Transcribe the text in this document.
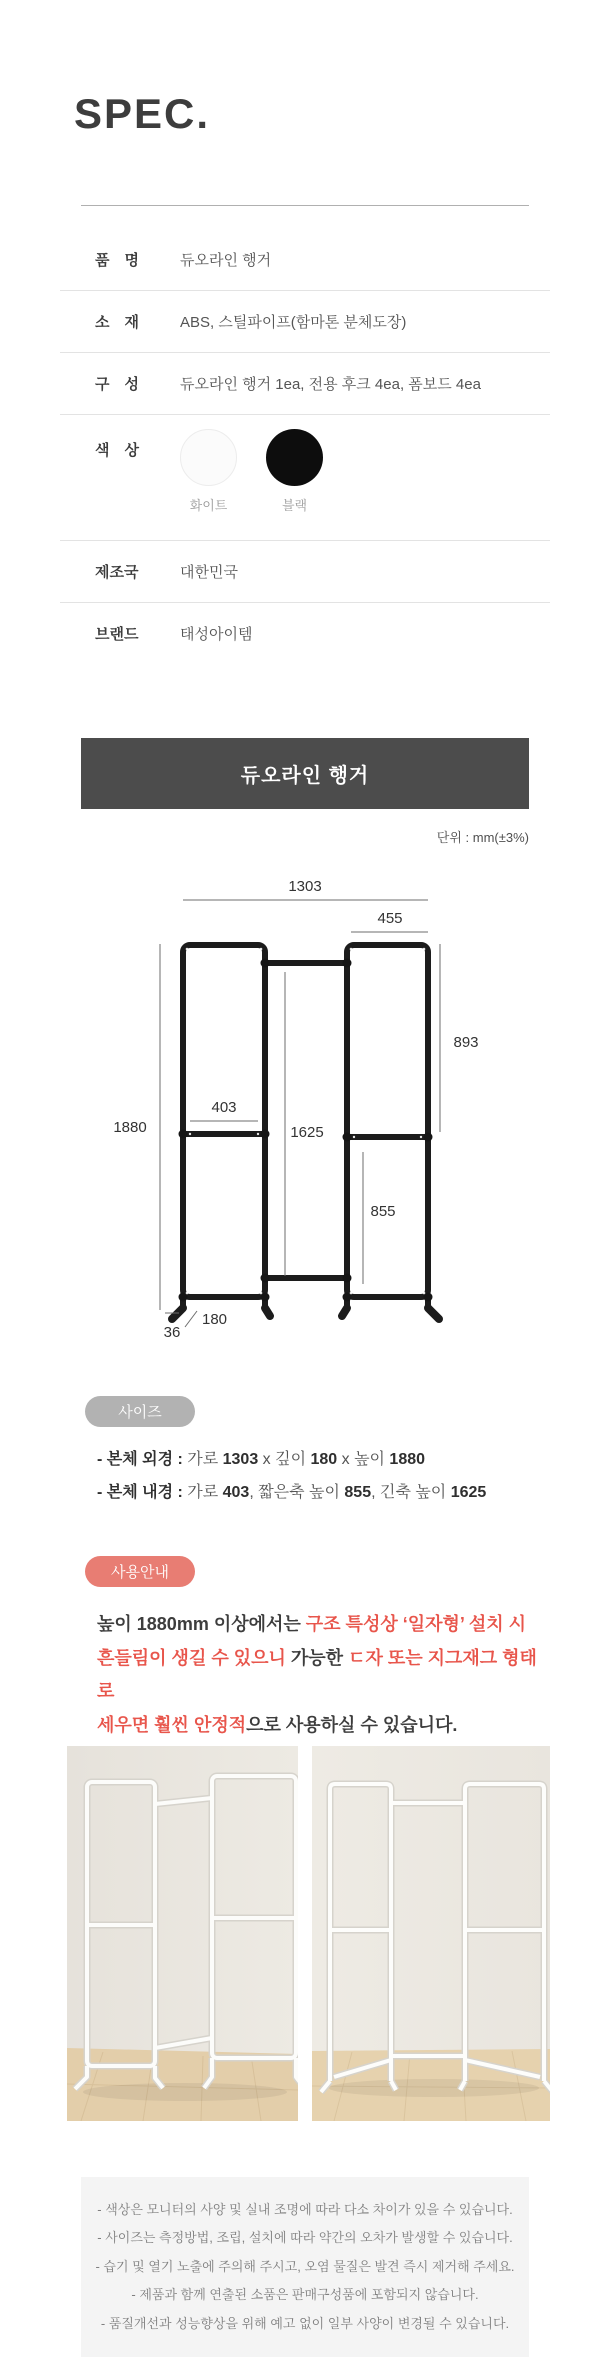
SPEC.
품 명	듀오라인 행거
소 재	ABS, 스틸파이프(함마톤 분체도장)
구 성	듀오라인 행거 1ea, 전용 후크 4ea, 폼보드 4ea
색 상
화이트	블랙
제조국	대한민국
브랜드	태성아이템
듀오라인 행거
단위 : mm(±3%)
1303
455
1880
893
403
1625
855
36
180
사이즈
- 본체 외경 : 가로 1303 x 깊이 180 x 높이 1880
- 본체 내경 : 가로 403, 짧은축 높이 855, 긴축 높이 1625
사용안내
높이 1880mm 이상에서는 구조 특성상 ‘일자형’ 설치 시
흔들림이 생길 수 있으니 가능한 ㄷ자 또는 지그재그 형태로
세우면 훨씬 안정적으로 사용하실 수 있습니다.
- 색상은 모니터의 사양 및 실내 조명에 따라 다소 차이가 있을 수 있습니다.
- 사이즈는 측정방법, 조립, 설치에 따라 약간의 오차가 발생할 수 있습니다.
- 습기 및 열기 노출에 주의해 주시고, 오염 물질은 발견 즉시 제거해 주세요.
- 제품과 함께 연출된 소품은 판매구성품에 포함되지 않습니다.
- 품질개선과 성능향상을 위해 예고 없이 일부 사양이 변경될 수 있습니다.
